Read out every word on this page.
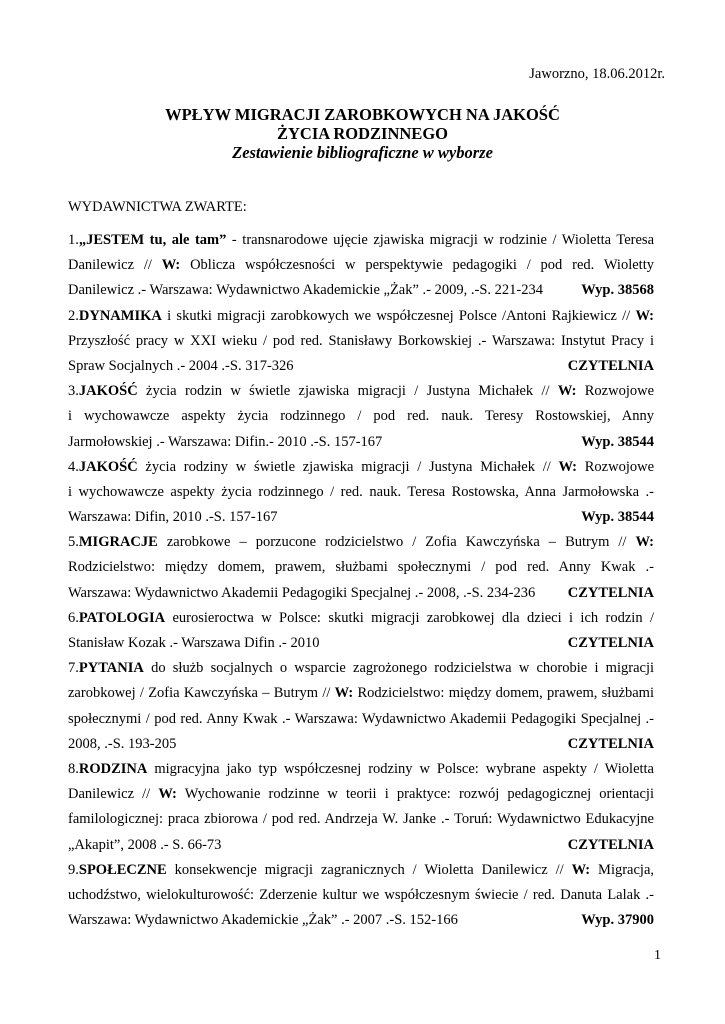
Jaworzno, 18.06.2012r.
WPŁYW MIGRACJI ZAROBKOWYCH NA JAKOŚĆ
ŻYCIA RODZINNEGO
Zestawienie bibliograficzne w wyborze
WYDAWNICTWA ZWARTE:
1.„JESTEM tu, ale tam” - transnarodowe ujęcie zjawiska migracji w rodzinie / Wioletta Teresa
Danilewicz // W: Oblicza współczesności w perspektywie pedagogiki / pod red. Wioletty
Danilewicz .- Warszawa: Wydawnictwo Akademickie „Żak” .- 2009, .-S. 221-234	Wyp. 38568
2.DYNAMIKA i skutki migracji zarobkowych we współczesnej Polsce /Antoni Rajkiewicz // W:
Przyszłość pracy w XXI wieku / pod red. Stanisławy Borkowskiej .- Warszawa: Instytut Pracy i
Spraw Socjalnych .- 2004 .-S. 317-326	CZYTELNIA
3.JAKOŚĆ życia rodzin w świetle zjawiska migracji / Justyna Michałek // W: Rozwojowe
i wychowawcze aspekty życia rodzinnego / pod red. nauk. Teresy Rostowskiej, Anny
Jarmołowskiej .- Warszawa: Difin.- 2010 .-S. 157-167	Wyp. 38544
4.JAKOŚĆ życia rodziny w świetle zjawiska migracji / Justyna Michałek // W: Rozwojowe
i wychowawcze aspekty życia rodzinnego / red. nauk. Teresa Rostowska, Anna Jarmołowska .-
Warszawa: Difin, 2010 .-S. 157-167	Wyp. 38544
5.MIGRACJE zarobkowe – porzucone rodzicielstwo / Zofia Kawczyńska – Butrym // W:
Rodzicielstwo: między domem, prawem, służbami społecznymi / pod red. Anny Kwak .-
Warszawa: Wydawnictwo Akademii Pedagogiki Specjalnej .- 2008, .-S. 234-236 CZYTELNIA
6.PATOLOGIA eurosieroctwa w Polsce: skutki migracji zarobkowej dla dzieci i ich rodzin /
Stanisław Kozak .- Warszawa Difin .- 2010	CZYTELNIA
7.PYTANIA do służb socjalnych o wsparcie zagrożonego rodzicielstwa w chorobie i migracji
zarobkowej / Zofia Kawczyńska – Butrym // W: Rodzicielstwo: między domem, prawem, służbami
społecznymi / pod red. Anny Kwak .- Warszawa: Wydawnictwo Akademii Pedagogiki Specjalnej .-
2008, .-S. 193-205	CZYTELNIA
8.RODZINA migracyjna jako typ współczesnej rodziny w Polsce: wybrane aspekty / Wioletta
Danilewicz // W: Wychowanie rodzinne w teorii i praktyce: rozwój pedagogicznej orientacji
familologicznej: praca zbiorowa / pod red. Andrzeja W. Janke .- Toruń: Wydawnictwo Edukacyjne
„Akapit”, 2008 .- S. 66-73	CZYTELNIA
9.SPOŁECZNE konsekwencje migracji zagranicznych / Wioletta Danilewicz // W: Migracja,
uchodźstwo, wielokulturowość: Zderzenie kultur we współczesnym świecie / red. Danuta Lalak .-
Warszawa: Wydawnictwo Akademickie „Żak” .- 2007 .-S. 152-166	Wyp. 37900
1
